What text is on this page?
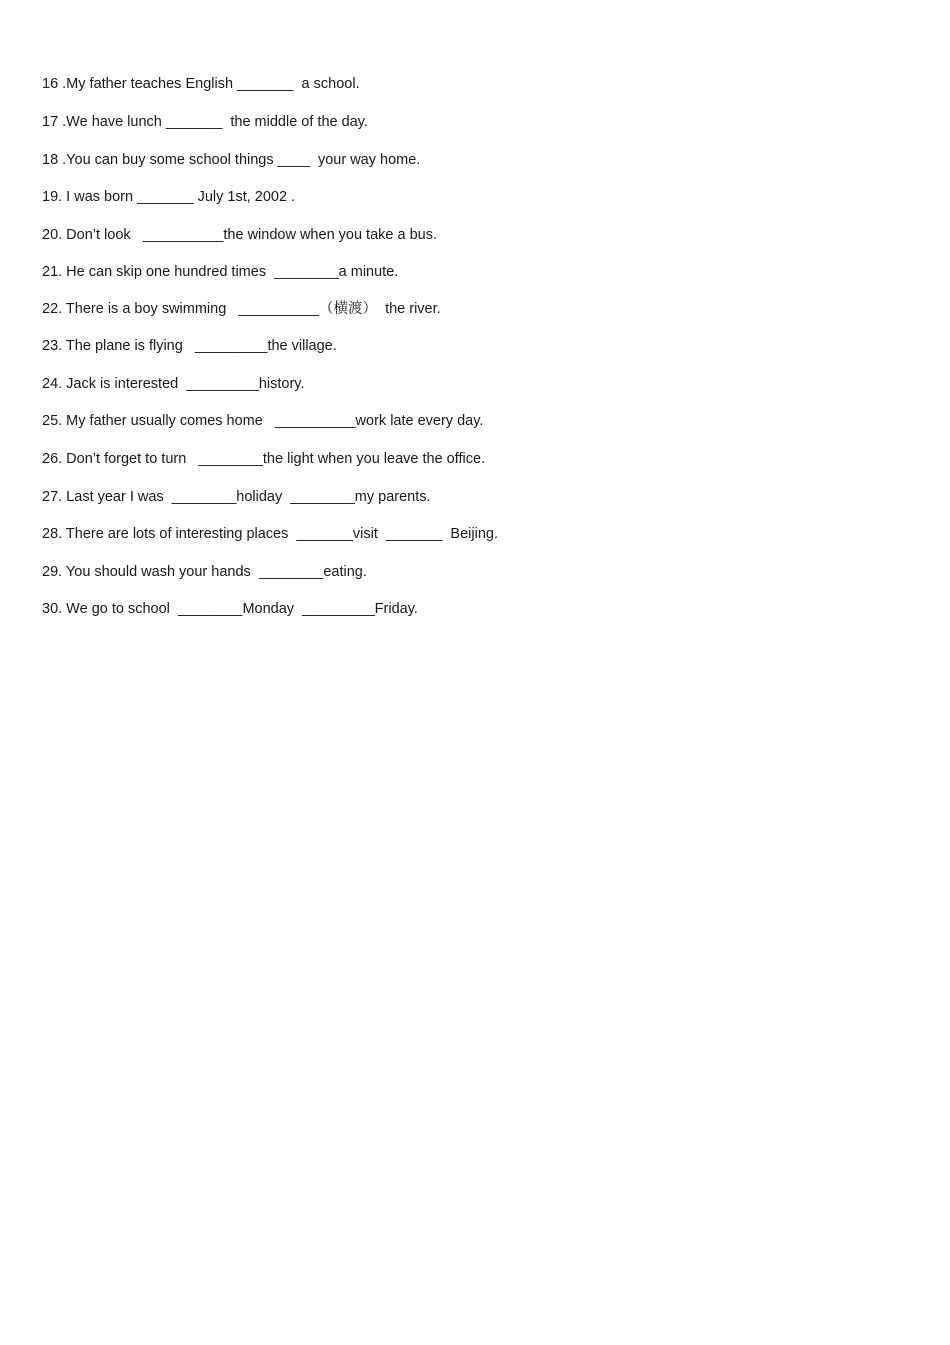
16 .My father teaches English _______  a school.
17 .We have lunch _______  the middle of the day.
18 .You can buy some school things ____  your way home.
19. I was born _______ July 1st, 2002 .
20. Don’t look   __________the window when you take a bus.
21. He can skip one hundred times  ________a minute.
22. There is a boy swimming   __________（横渡）  the river.
23. The plane is flying   _________the village.
24. Jack is interested  _________history.
25. My father usually comes home   __________work late every day.
26. Don’t forget to turn   ________the light when you leave the office.
27. Last year I was  ________holiday  ________my parents.
28. There are lots of interesting places  _______visit  _______  Beijing.
29. You should wash your hands  ________eating.
30. We go to school  ________Monday  _________Friday.
